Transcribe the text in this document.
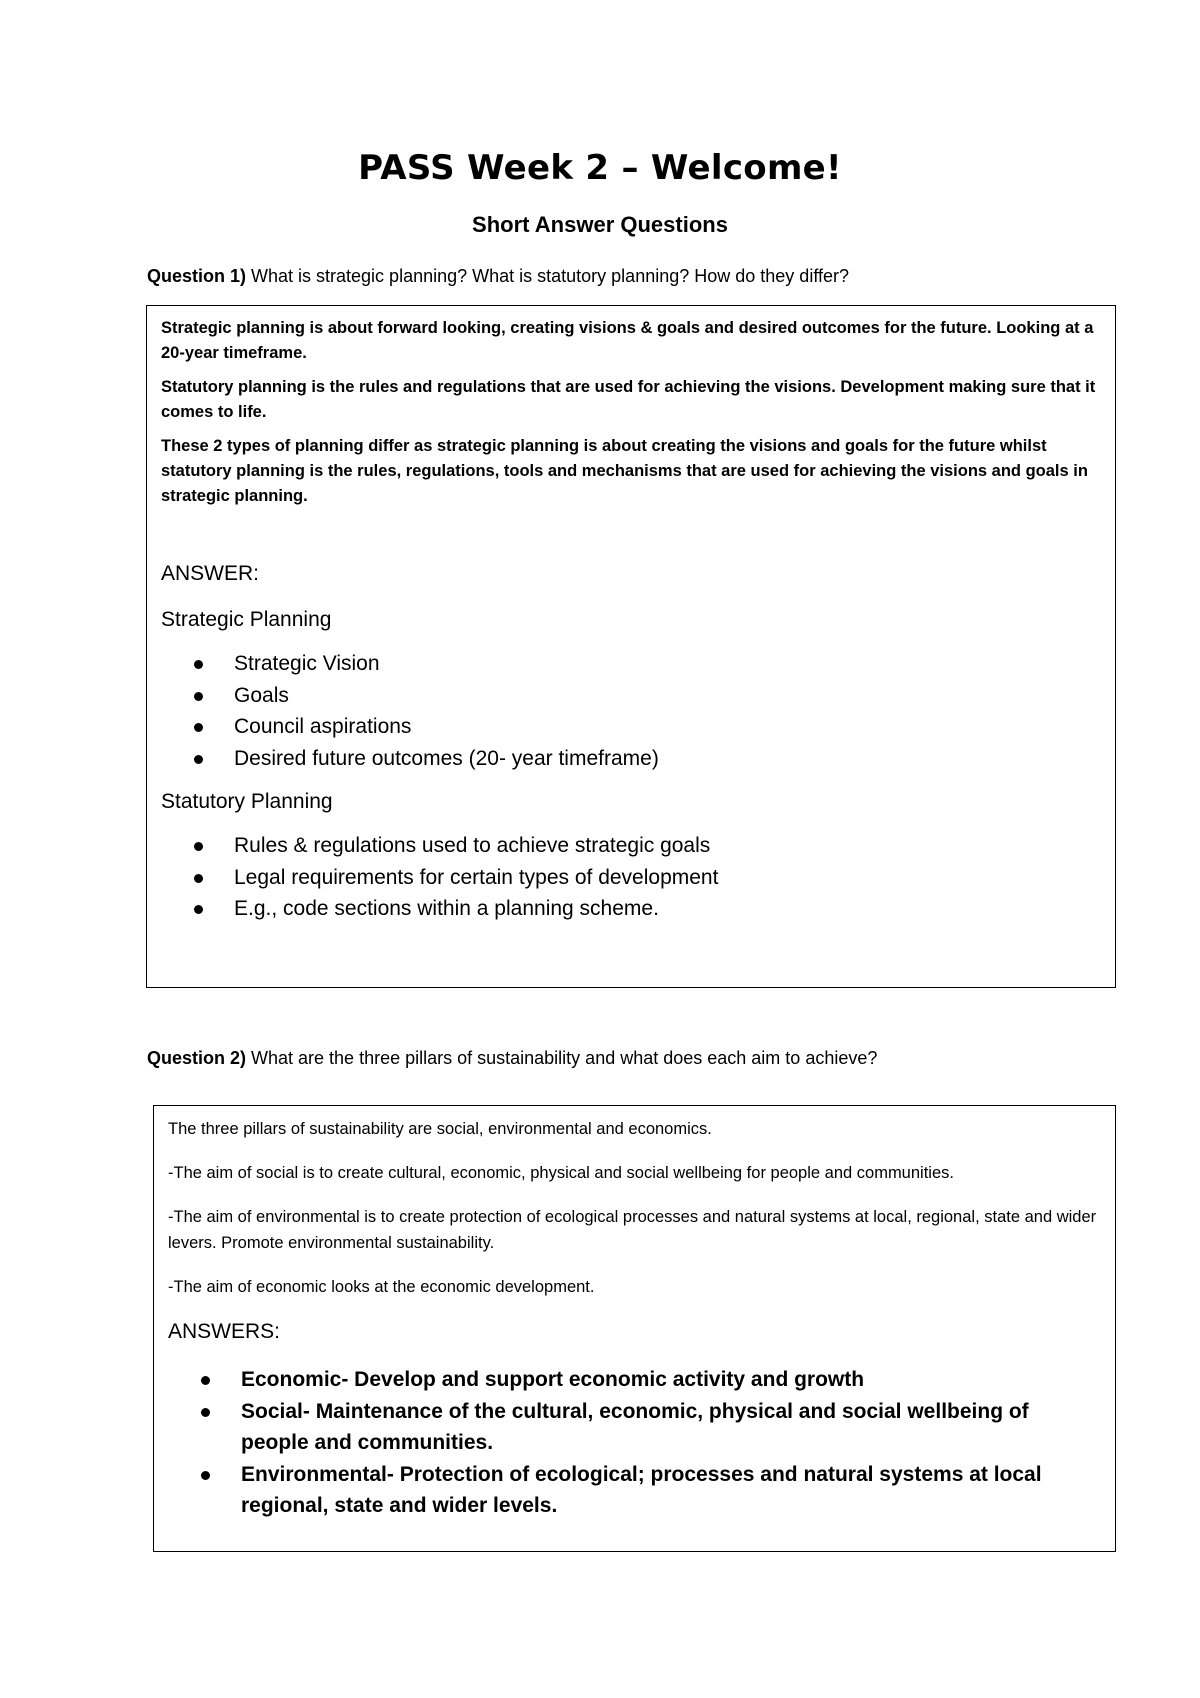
PASS Week 2 – Welcome!
Short Answer Questions
Question 1) What is strategic planning? What is statutory planning? How do they differ?

Strategic planning is about forward looking, creating visions & goals and desired outcomes for the future. Looking at a 20-year timeframe.

Statutory planning is the rules and regulations that are used for achieving the visions. Development making sure that it comes to life.

These 2 types of planning differ as strategic planning is about creating the visions and goals for the future whilst statutory planning is the rules, regulations, tools and mechanisms that are used for achieving the visions and goals in strategic planning.

ANSWER:
Strategic Planning
Strategic Vision
Goals
Council aspirations
Desired future outcomes (20- year timeframe)
Statutory Planning
Rules & regulations used to achieve strategic goals
Legal requirements for certain types of development
E.g., code sections within a planning scheme.
Question 2) What are the three pillars of sustainability and what does each aim to achieve?

The three pillars of sustainability are social, environmental and economics.

-The aim of social is to create cultural, economic, physical and social wellbeing for people and communities.

-The aim of environmental is to create protection of ecological processes and natural systems at local, regional, state and wider levers. Promote environmental sustainability.

-The aim of economic looks at the economic development.

ANSWERS:
Economic- Develop and support economic activity and growth
Social- Maintenance of the cultural, economic, physical and social wellbeing of people and communities.
Environmental- Protection of ecological; processes and natural systems at local regional, state and wider levels.
